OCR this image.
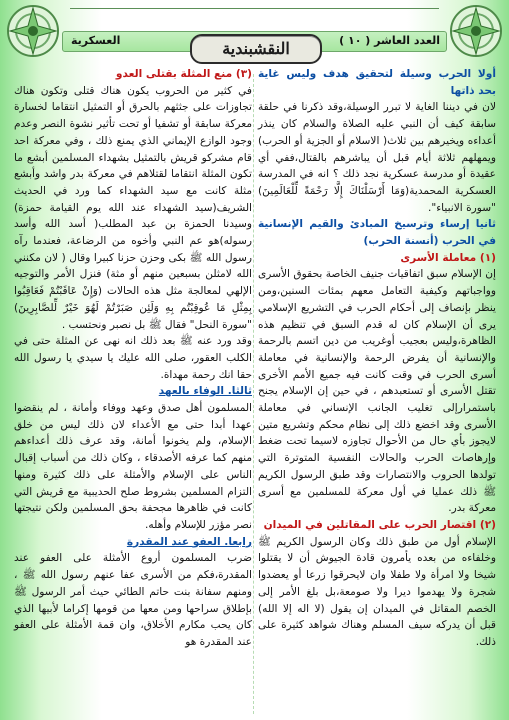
العدد العاشر ( ١٠ )
العسكرية	النقشبندية

أولا الحرب وسيلة لتحقيق هدف وليس غاية بحد ذاتها

لان في ديننا الغاية لا تبرر الوسيلة،وقد ذكرنا في حلقة سابقة كيف أن النبي عليه الصلاة والسلام كان ينذر أعداءه ويخيرهم بين ثلاث( الاسلام أو الجزية أو الحرب) ويمهلهم ثلاثة أيام قبل أن يباشرهم بالقتال،ففي أي عقيدة أو مدرسة عسكرية نجد ذلك ؟ انه في المدرسة العسكرية المحمدية(وَمَا أَرْسَلْنَاكَ إِلَّا رَحْمَةً لِّلْعَالَمِينَ) "سورة الانبياء".

ثانيا إرساء وترسيخ المبادئ والقيم الإنسانية في الحرب (أنسنة الحرب)

(١) معاملة الأسرى

إن الإسلام سبق اتفاقيات جنيف الخاصة بحقوق الأسرى وواجباتهم وكيفية التعامل معهم بمئات السنين،ومن ينظر بإنصاف إلى أحكام الحرب في التشريع الإسلامي يرى أن الإسلام كان له قدم السبق في تنظيم هذه الظاهرة،وليس بعجيب أوغريب من دين اتسم بالرحمة والإنسانية أن يفرض الرحمة والإنسانية في معاملة أسرى الحرب في وقت كانت فيه جميع الأمم الأخرى تقتل الأسرى أو تستعبدهم ، في حين إن الإسلام يجنح باستمرارإلى تغليب الجانب الإنساني في معاملة الأسرى وقد اخضع ذلك إلى نظام محكم وتشريع متين لايجوز بأي حال من الأحوال تجاوزه لاسيما تحت ضغط وإرهاصات الحرب والحالات النفسية المتوترة التي تولدها الحروب والانتصارات وقد طبق الرسول الكريم ﷺ ذلك عمليا في أول معركة للمسلمين مع أسرى معركة بدر.

(٢) اقتصار الحرب على المقاتلين في الميدان

الإسلام أول من طبق ذلك وكان الرسول الكريم ﷺ وخلفاءه من بعده يأمرون قادة الجيوش أن لا يقتلوا شيخا ولا امرأة ولا طفلا وان لايحرقوا زرعا أو يعضدوا شجرة ولا يهدموا ديرا ولا صومعة،بل بلغ الأمر إلى الخصم المقاتل في الميدان إن يقول (لا اله إلا الله) قبل أن يدركه سيف المسلم وهناك شواهد كثيرة على ذلك.

(٣) منع المثلة بقتلى العدو

في كثير من الحروب يكون هناك قتلى وتكون هناك تجاوزات على جثثهم بالحرق أو التمثيل انتقاما لخسارة معركة سابقة أو تشفيا أو تحت تأثير نشوة النصر وعدم وجود الوازع الإيماني الذي يمنع ذلك ، وفي معركة احد قام مشركو قريش بالتمثيل بشهداء المسلمين أبشع ما تكون المثلة انتقاما لقتلاهم في معركة بدر واشد وأبشع مثلة كانت مع سيد الشهداء كما ورد في الحديث الشريف(سيد الشهداء عند الله يوم القيامة حمزة) وسيدنا الحمزة بن عبد المطلب( أسد الله وأسد رسوله)هو عم النبي وأخوه من الرضاعة، فعندما رآه رسول الله ﷺ بكى وحزن حزنا كبيرا وقال ( لان مكنني الله لامثلن بسبعين منهم أو مثة) فنزل الأمر والتوجيه الإلهي لمعالجة مثل هذه الحالات (وَإِنْ عَاقَبْتُمْ فَعَاقِبُوا بِمِثْلِ مَا عُوقِبْتُم بِهِ وَلَئِن صَبَرْتُمْ لَهُوَ خَيْرٌ لِّلصَّابِرِينَ) "سورة النحل" فقال ﷺ بل نصبر ونحتسب .

وقد ورد عنه ﷺ بعد ذلك انه نهى عن المثلة حتى في الكلب العقور، صلى الله عليك يا سيدي يا رسول الله حقا انك رحمة مهداة.

ثالثا. الوفاء بالعهد

المسلمون أهل صدق وعهد ووفاء وأمانة ، لم ينقضوا عهدا أبدا حتى مع الأعداء لان ذلك ليس من خلق الإسلام، ولم يخونوا أمانة، وقد عرف ذلك أعداءهم منهم كما عرفه الأصدقاء ، وكان ذلك من أسباب إقبال الناس على الإسلام والأمثلة على ذلك كثيرة ومنها التزام المسلمين بشروط صلح الحديبية مع قريش التي كانت في ظاهرها مجحفة بحق المسلمين ولكن نتيجتها نصر مؤزر للإسلام وأهله.

رابعا. العفو عند المقدرة

ضرب المسلمون أروع الأمثلة على العفو عند المقدرة،فكم من الأسرى عفا عنهم رسول الله ﷺ ، ومنهم سفانة بنت حاتم الطائي حيث أمر الرسول ﷺ بإطلاق سراحها ومن معها من قومها إكراما لأبيها الذي كان يحب مكارم الأخلاق، وان قمة الأمثلة على العفو عند المقدرة هو
